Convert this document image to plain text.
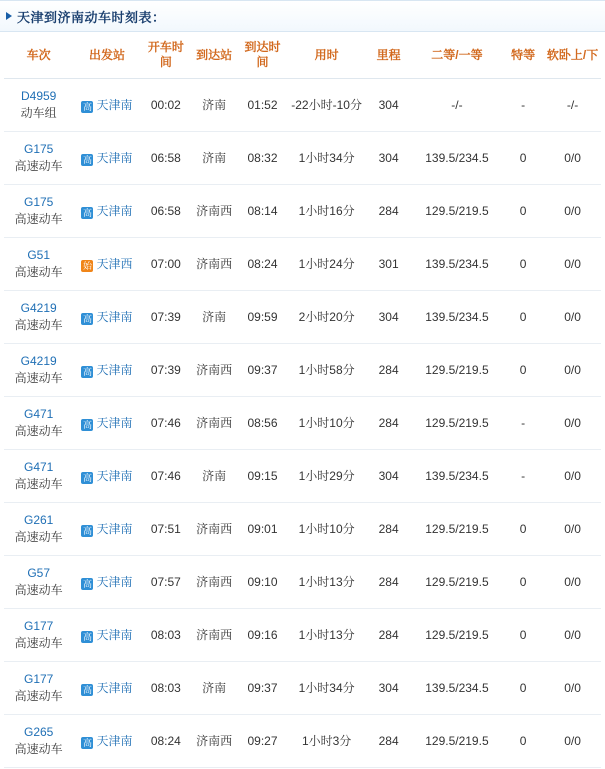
天津到济南动车时刻表：
车次	出发站	开车时间	到达站	到达时间	用时	里程	二等/一等	特等	软卧上/下

D4959
动车组	高 天津南	00:02	济南	01:52	-22小时-10分	304	-/-	-	-/-

G175
高速动车	高 天津南	06:58	济南	08:32	1小时34分	304	139.5/234.5	0	0/0

G175
高速动车	高 天津南	06:58	济南西	08:14	1小时16分	284	129.5/219.5	0	0/0

G51
高速动车	始 天津西	07:00	济南西	08:24	1小时24分	301	139.5/234.5	0	0/0

G4219
高速动车	高 天津南	07:39	济南	09:59	2小时20分	304	139.5/234.5	0	0/0

G4219
高速动车	高 天津南	07:39	济南西	09:37	1小时58分	284	129.5/219.5	0	0/0

G471
高速动车	高 天津南	07:46	济南西	08:56	1小时10分	284	129.5/219.5	-	0/0

G471
高速动车	高 天津南	07:46	济南	09:15	1小时29分	304	139.5/234.5	-	0/0

G261
高速动车	高 天津南	07:51	济南西	09:01	1小时10分	284	129.5/219.5	0	0/0

G57
高速动车	高 天津南	07:57	济南西	09:10	1小时13分	284	129.5/219.5	0	0/0

G177
高速动车	高 天津南	08:03	济南西	09:16	1小时13分	284	129.5/219.5	0	0/0

G177
高速动车	高 天津南	08:03	济南	09:37	1小时34分	304	139.5/234.5	0	0/0

G265
高速动车	高 天津南	08:24	济南西	09:27	1小时3分	284	129.5/219.5	0	0/0
